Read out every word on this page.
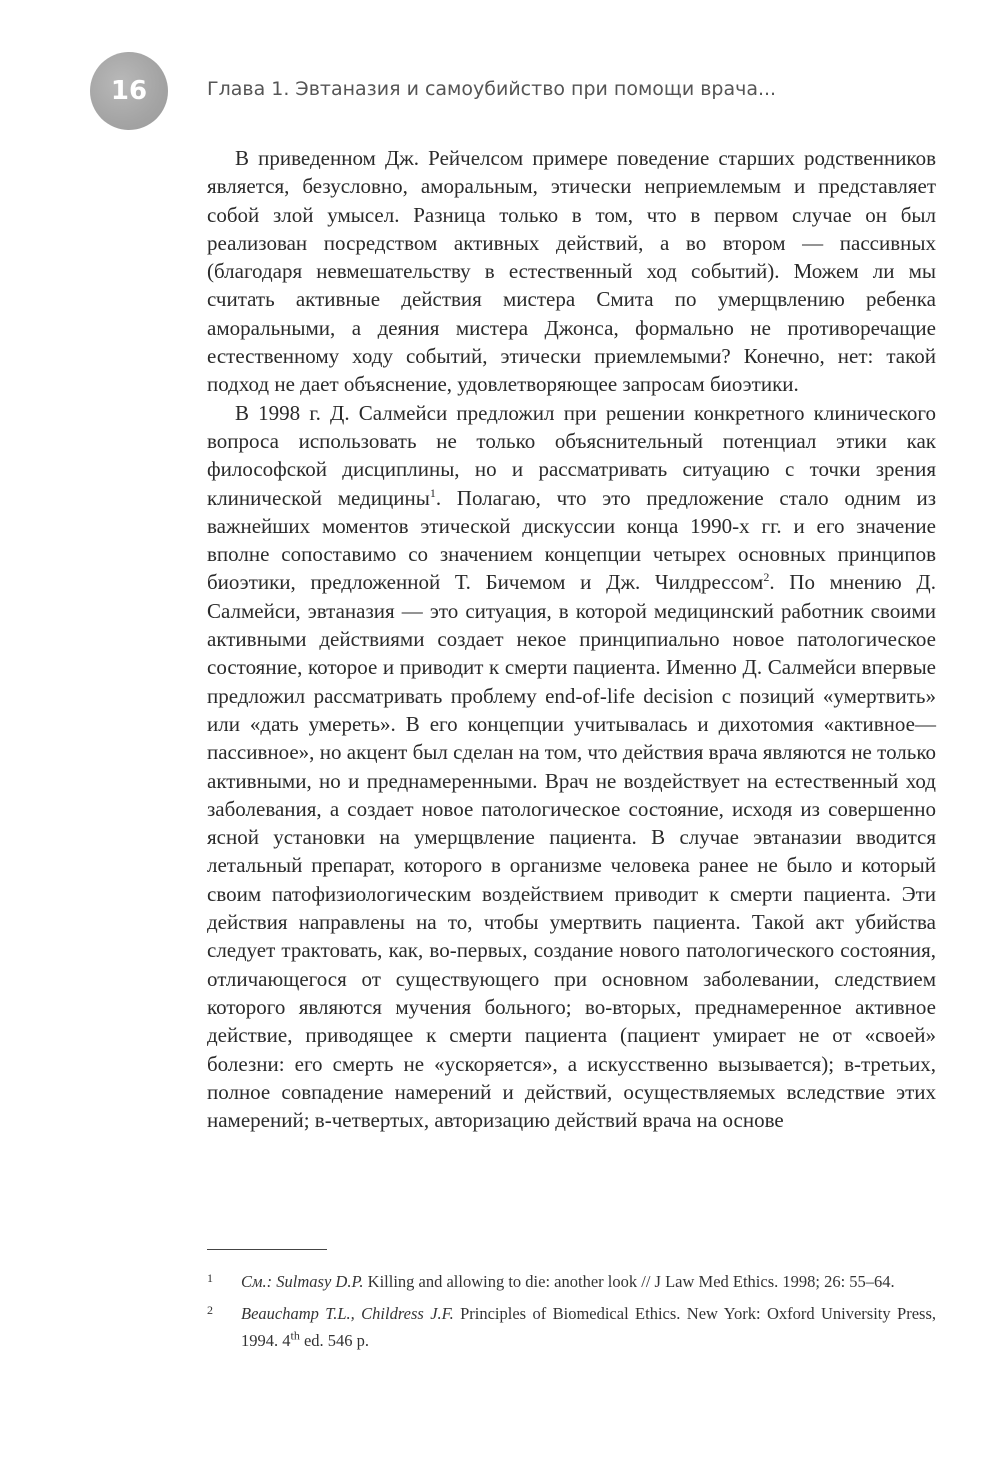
16	Глава 1. Эвтаназия и самоубийство при помощи врача...

В приведенном Дж. Рейчелсом примере поведение старших родственников является, безусловно, аморальным, этически неприемлемым и представляет собой злой умысел. Разница только в том, что в первом случае он был реализован посредством активных действий, а во втором — пассивных (благодаря невмешательству в естественный ход событий). Можем ли мы считать активные действия мистера Смита по умерщвлению ребенка аморальными, а деяния мистера Джонса, формально не противоречащие естественному ходу событий, этически приемлемыми? Конечно, нет: такой подход не дает объяснение, удовлетворяющее запросам биоэтики.

В 1998 г. Д. Салмейси предложил при решении конкретного клинического вопроса использовать не только объяснительный потенциал этики как философской дисциплины, но и рассматривать ситуацию с точки зрения клинической медицины$^1$. Полагаю, что это предложение стало одним из важнейших моментов этической дискуссии конца 1990-х гг. и его значение вполне сопоставимо со значением концепции четырех основных принципов биоэтики, предложенной Т. Бичемом и Дж. Чилдрессом$^2$. По мнению Д. Салмейси, эвтаназия — это ситуация, в которой медицинский работник своими активными действиями создает некое принципиально новое патологическое состояние, которое и приводит к смерти пациента. Именно Д. Салмейси впервые предложил рассматривать проблему end-of-life decision с позиций «умертвить» или «дать умереть». В его концепции учитывалась и дихотомия «активное—пассивное», но акцент был сделан на том, что действия врача являются не только активными, но и преднамеренными. Врач не воздействует на естественный ход заболевания, а создает новое патологическое состояние, исходя из совершенно ясной установки на умерщвление пациента. В случае эвтаназии вводится летальный препарат, которого в организме человека ранее не было и который своим патофизиологическим воздействием приводит к смерти пациента. Эти действия направлены на то, чтобы умертвить пациента. Такой акт убийства следует трактовать, как, во-первых, создание нового патологического состояния, отличающегося от существующего при основном заболевании, следствием которого являются мучения больного; во-вторых, преднамеренное активное действие, приводящее к смерти пациента (пациент умирает не от «своей» болезни: его смерть не «ускоряется», а искусственно вызывается); в-третьих, полное совпадение намерений и действий, осуществляемых вследствие этих намерений; в-четвертых, авторизацию действий врача на основе

1 См.: Sulmasy D.P. Killing and allowing to die: another look // J Law Med Ethics. 1998; 26: 55–64.
2 Beauchamp T.L., Childress J.F. Principles of Biomedical Ethics. New York: Oxford University Press, 1994. 4th ed. 546 p.
